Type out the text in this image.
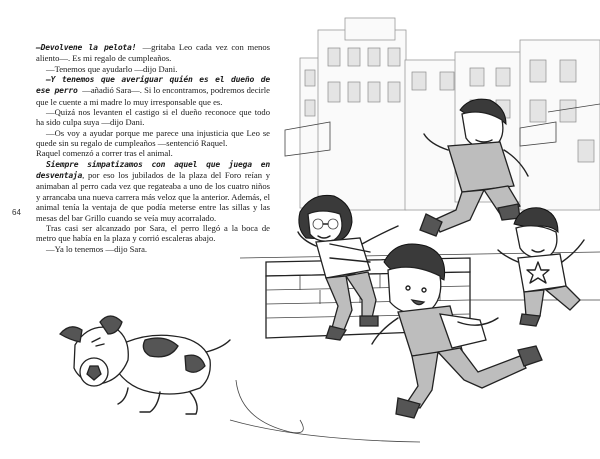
64

—Devolvene la pelota! —gritaba Leo cada vez con menos aliento—. Es mi regalo de cumpleaños.

—Tenemos que ayudarlo —dijo Dani.

—Y tenemos que averiguar quién es el dueño de ese perro —añadió Sara—. Si lo encontramos, podremos decirle que le cuente a mi madre lo muy irresponsable que es.

—Quizá nos levanten el castigo si el dueño reconoce que todo ha sido culpa suya —dijo Dani.

—Os voy a ayudar porque me parece una injusticia que Leo se quede sin su regalo de cumpleaños —sentenció Raquel.

Raquel comenzó a correr tras el animal.

Siempre simpatizamos con aquel que juega en desventaja, por eso los jubilados de la plaza del Foro reían y animaban al perro cada vez que regateaba a uno de los cuatro niños y arrancaba una nueva carrera más veloz que la anterior. Además, el animal tenía la ventaja de que podía meterse entre las sillas y las mesas del bar Grillo cuando se veía muy acorralado.

Tras casi ser alcanzado por Sara, el perro llegó a la boca de metro que había en la plaza y corrió escaleras abajo.

—Ya lo tenemos —dijo Sara.
